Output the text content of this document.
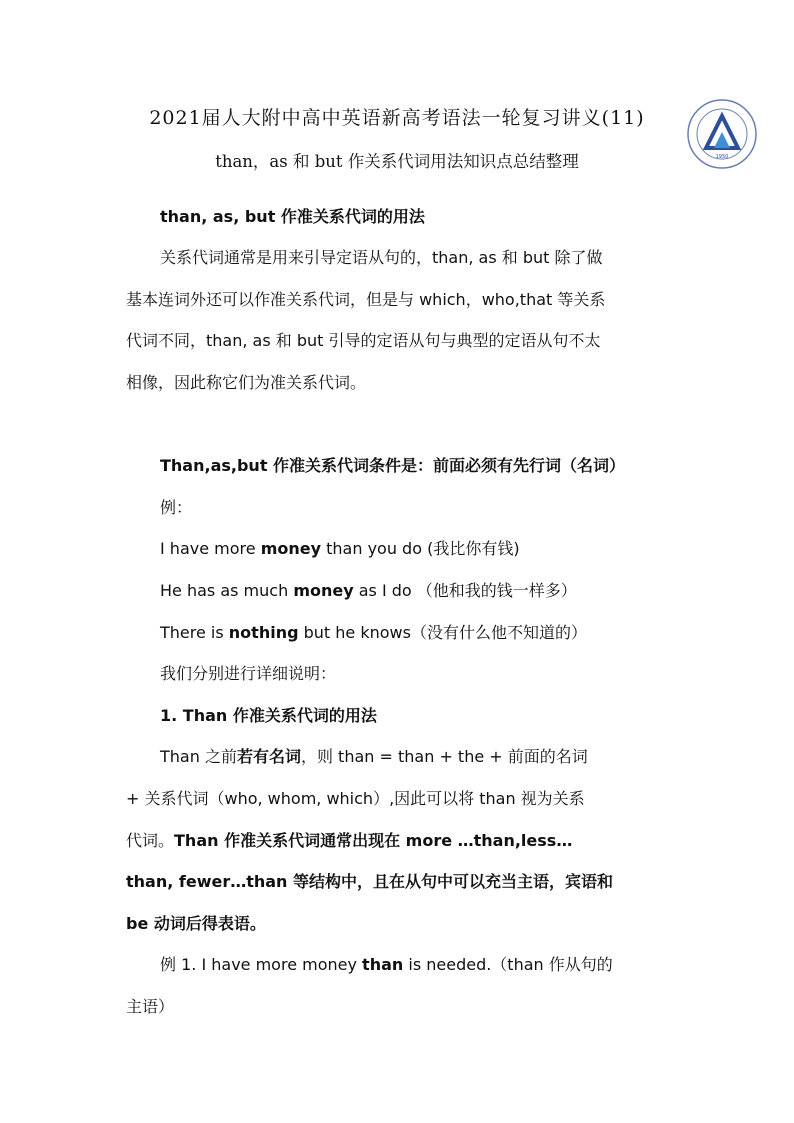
2021届人大附中高中英语新高考语法一轮复习讲义(11)
than，as 和 but 作关系代词用法知识点总结整理	1950
than, as, but 作准关系代词的用法
关系代词通常是用来引导定语从句的，than, as 和 but 除了做
基本连词外还可以作准关系代词，但是与 which，who,that 等关系
代词不同，than, as 和 but 引导的定语从句与典型的定语从句不太
相像，因此称它们为准关系代词。
Than,as,but 作准关系代词条件是：前面必须有先行词（名词）
例：
I have more money than you do (我比你有钱)
He has as much money as I do （他和我的钱一样多）
There is nothing but he knows（没有什么他不知道的）
我们分别进行详细说明：
1. Than 作准关系代词的用法
Than 之前若有名词，则 than = than + the + 前面的名词
+ 关系代词（who, whom, which）,因此可以将 than 视为关系
代词。Than 作准关系代词通常出现在 more …than,less…
than, fewer…than 等结构中，且在从句中可以充当主语，宾语和
be 动词后得表语。
例 1. I have more money than is needed.（than 作从句的
主语）
